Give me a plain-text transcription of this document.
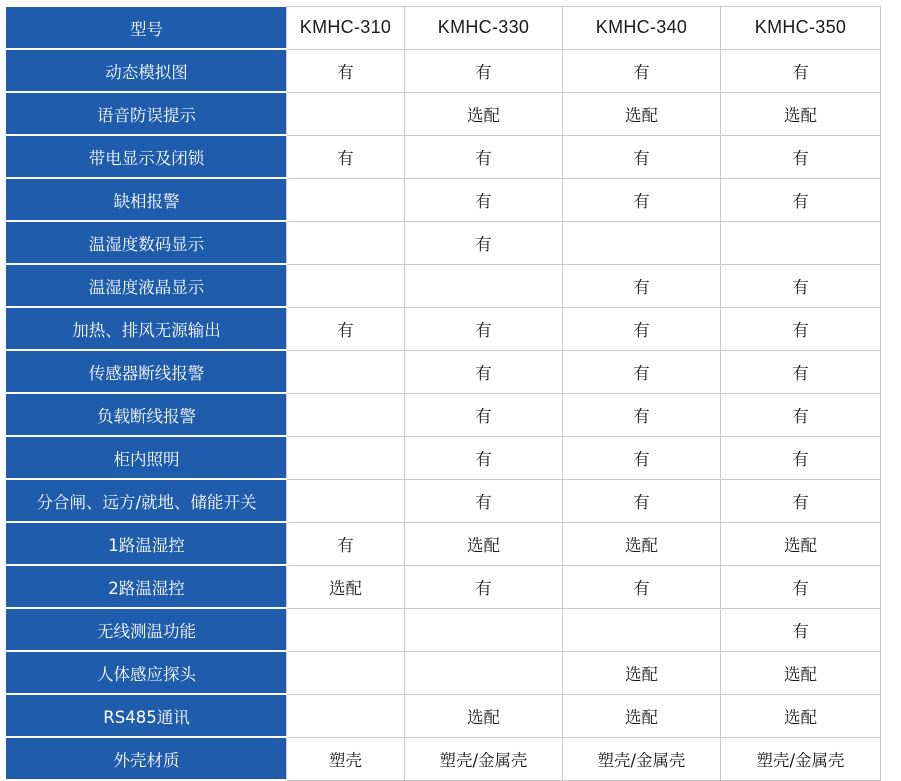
型号	KMHC-310	KMHC-330	KMHC-340	KMHC-350
动态模拟图	有	有	有	有
语音防误提示		选配	选配	选配
带电显示及闭锁	有	有	有	有
缺相报警		有	有	有
温湿度数码显示		有		
温湿度液晶显示			有	有
加热、排风无源输出	有	有	有	有
传感器断线报警		有	有	有
负载断线报警		有	有	有
柜内照明		有	有	有
分合闸、远方/就地、储能开关		有	有	有
1路温湿控	有	选配	选配	选配
2路温湿控	选配	有	有	有
无线测温功能				有
人体感应探头			选配	选配
RS485通讯		选配	选配	选配
外壳材质	塑壳	塑壳/金属壳	塑壳/金属壳	塑壳/金属壳
